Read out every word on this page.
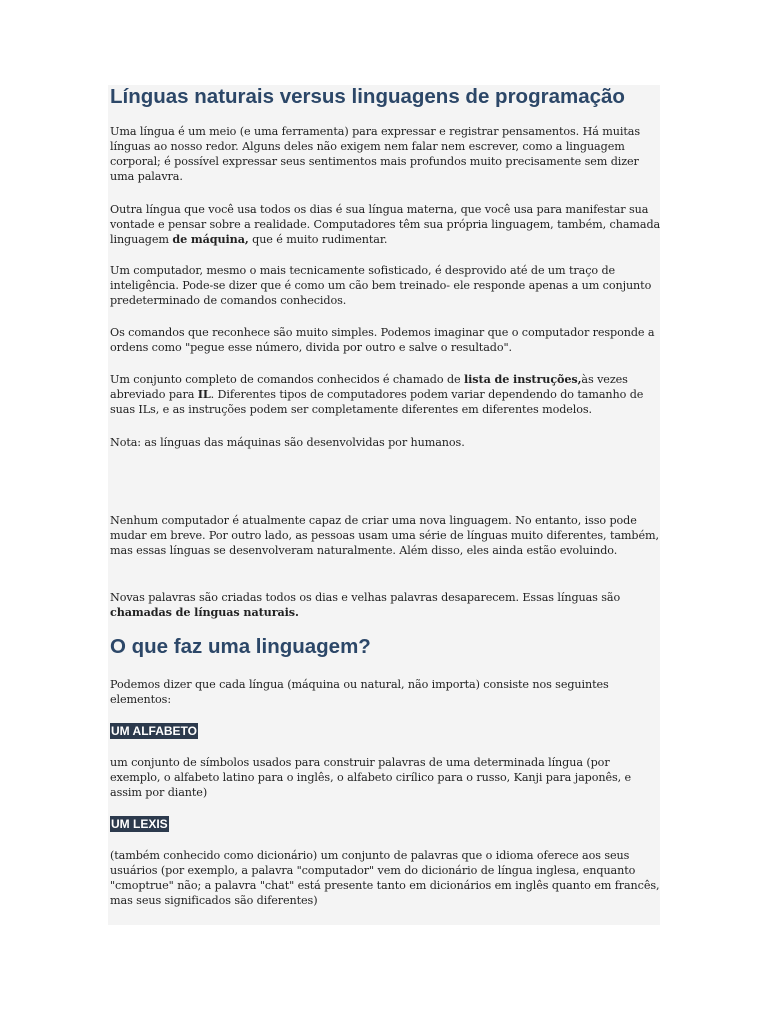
Línguas naturais versus linguagens de programação

Uma língua é um meio (e uma ferramenta) para expressar e registrar pensamentos. Há muitas línguas ao nosso redor. Alguns deles não exigem nem falar nem escrever, como a linguagem corporal; é possível expressar seus sentimentos mais profundos muito precisamente sem dizer uma palavra.

Outra língua que você usa todos os dias é sua língua materna, que você usa para manifestar sua vontade e pensar sobre a realidade. Computadores têm sua própria linguagem, também, chamada linguagem de máquina, que é muito rudimentar.

Um computador, mesmo o mais tecnicamente sofisticado, é desprovido até de um traço de inteligência. Pode-se dizer que é como um cão bem treinado- ele responde apenas a um conjunto predeterminado de comandos conhecidos.

Os comandos que reconhece são muito simples. Podemos imaginar que o computador responde a ordens como "pegue esse número, divida por outro e salve o resultado".

Um conjunto completo de comandos conhecidos é chamado de lista de instruções,às vezes abreviado para IL. Diferentes tipos de computadores podem variar dependendo do tamanho de suas ILs, e as instruções podem ser completamente diferentes em diferentes modelos.

Nota: as línguas das máquinas são desenvolvidas por humanos.

Nenhum computador é atualmente capaz de criar uma nova linguagem. No entanto, isso pode mudar em breve. Por outro lado, as pessoas usam uma série de línguas muito diferentes, também, mas essas línguas se desenvolveram naturalmente. Além disso, eles ainda estão evoluindo.

Novas palavras são criadas todos os dias e velhas palavras desaparecem. Essas línguas são chamadas de línguas naturais.

O que faz uma linguagem?

Podemos dizer que cada língua (máquina ou natural, não importa) consiste nos seguintes elementos:

UM ALFABETO

um conjunto de símbolos usados para construir palavras de uma determinada língua (por exemplo, o alfabeto latino para o inglês, o alfabeto cirílico para o russo, Kanji para japonês, e assim por diante)

UM LEXIS

(também conhecido como dicionário) um conjunto de palavras que o idioma oferece aos seus usuários (por exemplo, a palavra "computador" vem do dicionário de língua inglesa, enquanto "cmoptrue" não; a palavra "chat" está presente tanto em dicionários em inglês quanto em francês, mas seus significados são diferentes)
